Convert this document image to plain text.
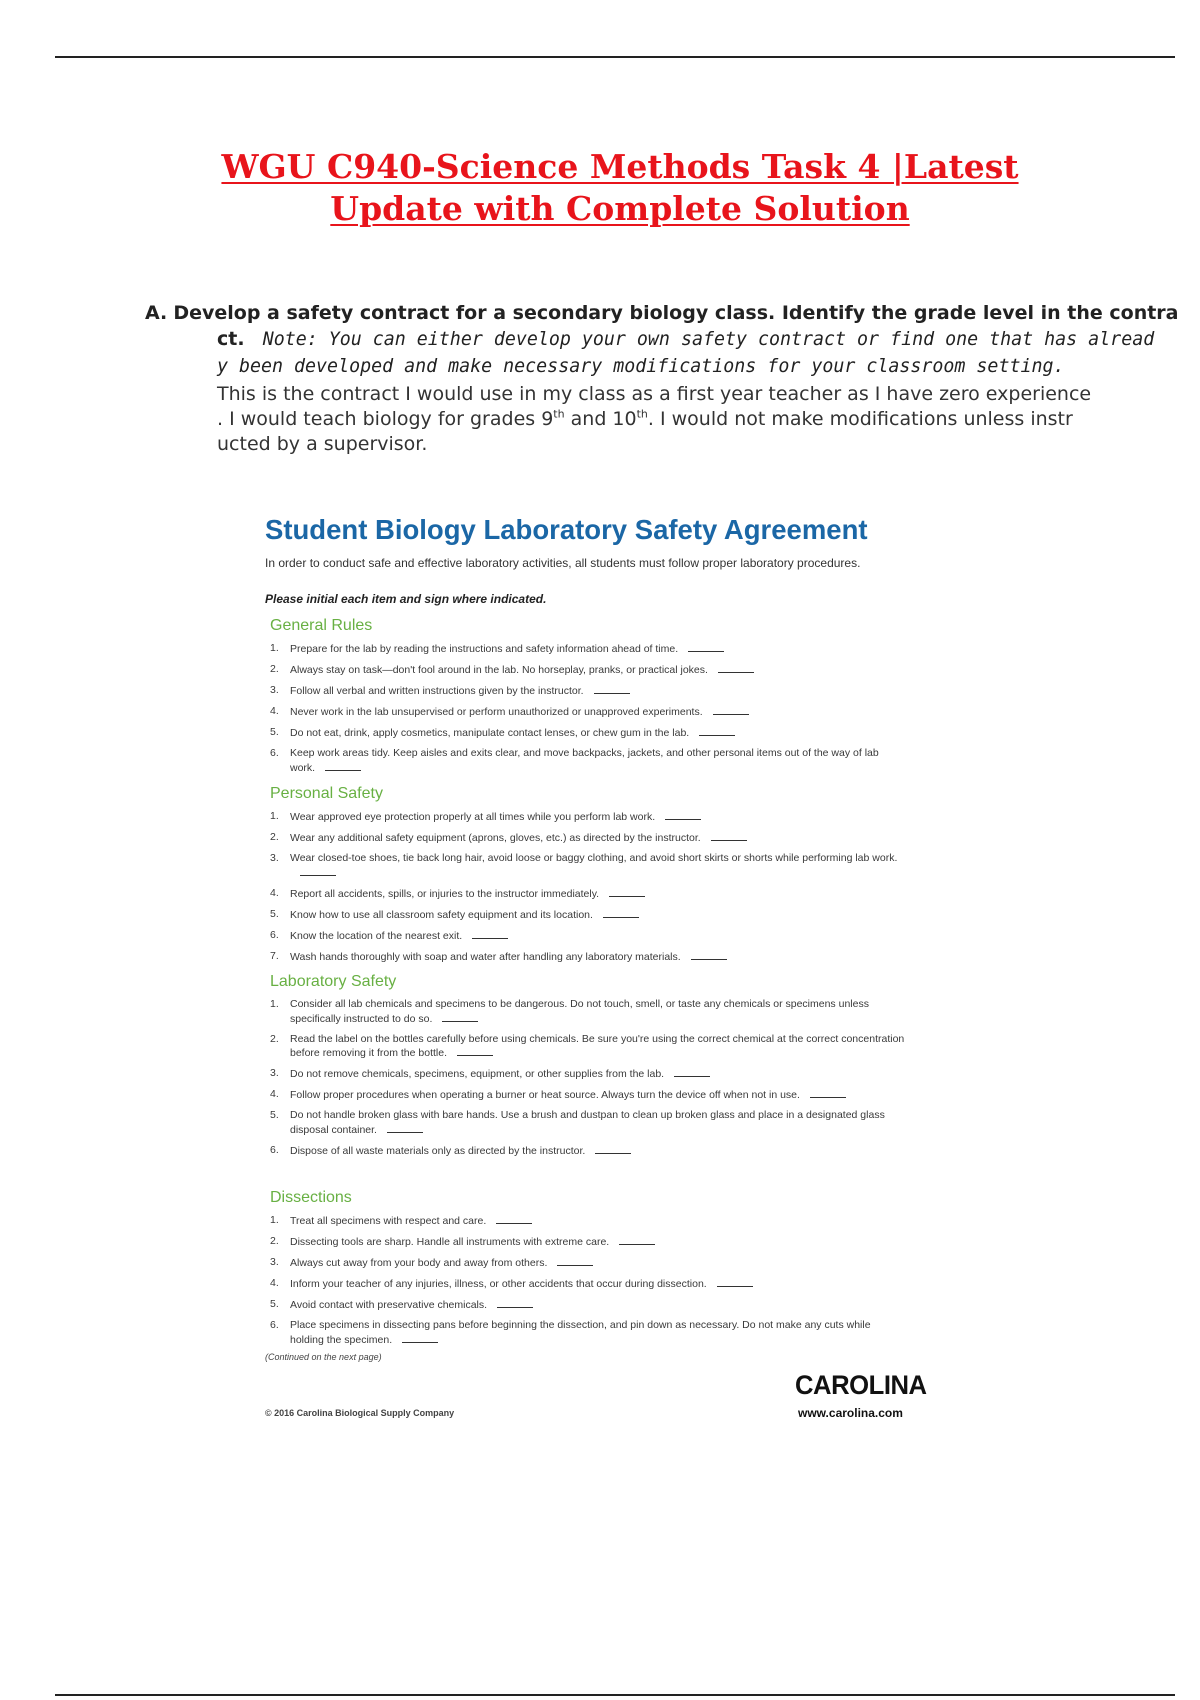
WGU C940-Science Methods Task 4 |Latest
Update with Complete Solution
A. Develop a safety contract for a secondary biology class. Identify the grade level in the contra
ct. Note: You can either develop your own safety contract or find one that has alread
y been developed and make necessary modifications for your classroom setting.
This is the contract I would use in my class as a first year teacher as I have zero experience
. I would teach biology for grades 9th and 10th. I would not make modifications unless instr
ucted by a supervisor.
Student Biology Laboratory Safety Agreement
In order to conduct safe and effective laboratory activities, all students must follow proper laboratory procedures.
Please initial each item and sign where indicated.
General Rules
1. Prepare for the lab by reading the instructions and safety information ahead of time.
2. Always stay on task—don't fool around in the lab. No horseplay, pranks, or practical jokes.
3. Follow all verbal and written instructions given by the instructor.
4. Never work in the lab unsupervised or perform unauthorized or unapproved experiments.
5. Do not eat, drink, apply cosmetics, manipulate contact lenses, or chew gum in the lab.
6. Keep work areas tidy. Keep aisles and exits clear, and move backpacks, jackets, and other personal items out of the way of lab work.
Personal Safety
1. Wear approved eye protection properly at all times while you perform lab work.
2. Wear any additional safety equipment (aprons, gloves, etc.) as directed by the instructor.
3. Wear closed-toe shoes, tie back long hair, avoid loose or baggy clothing, and avoid short skirts or shorts while performing lab work.
4. Report all accidents, spills, or injuries to the instructor immediately.
5. Know how to use all classroom safety equipment and its location.
6. Know the location of the nearest exit.
7. Wash hands thoroughly with soap and water after handling any laboratory materials.
Laboratory Safety
1. Consider all lab chemicals and specimens to be dangerous. Do not touch, smell, or taste any chemicals or specimens unless specifically instructed to do so.
2. Read the label on the bottles carefully before using chemicals. Be sure you're using the correct chemical at the correct concentration before removing it from the bottle.
3. Do not remove chemicals, specimens, equipment, or other supplies from the lab.
4. Follow proper procedures when operating a burner or heat source. Always turn the device off when not in use.
5. Do not handle broken glass with bare hands. Use a brush and dustpan to clean up broken glass and place in a designated glass disposal container.
6. Dispose of all waste materials only as directed by the instructor.
Dissections
1. Treat all specimens with respect and care.
2. Dissecting tools are sharp. Handle all instruments with extreme care.
3. Always cut away from your body and away from others.
4. Inform your teacher of any injuries, illness, or other accidents that occur during dissection.
5. Avoid contact with preservative chemicals.
6. Place specimens in dissecting pans before beginning the dissection, and pin down as necessary. Do not make any cuts while holding the specimen.
(Continued on the next page)
© 2016 Carolina Biological Supply Company
CAROLINA
www.carolina.com
